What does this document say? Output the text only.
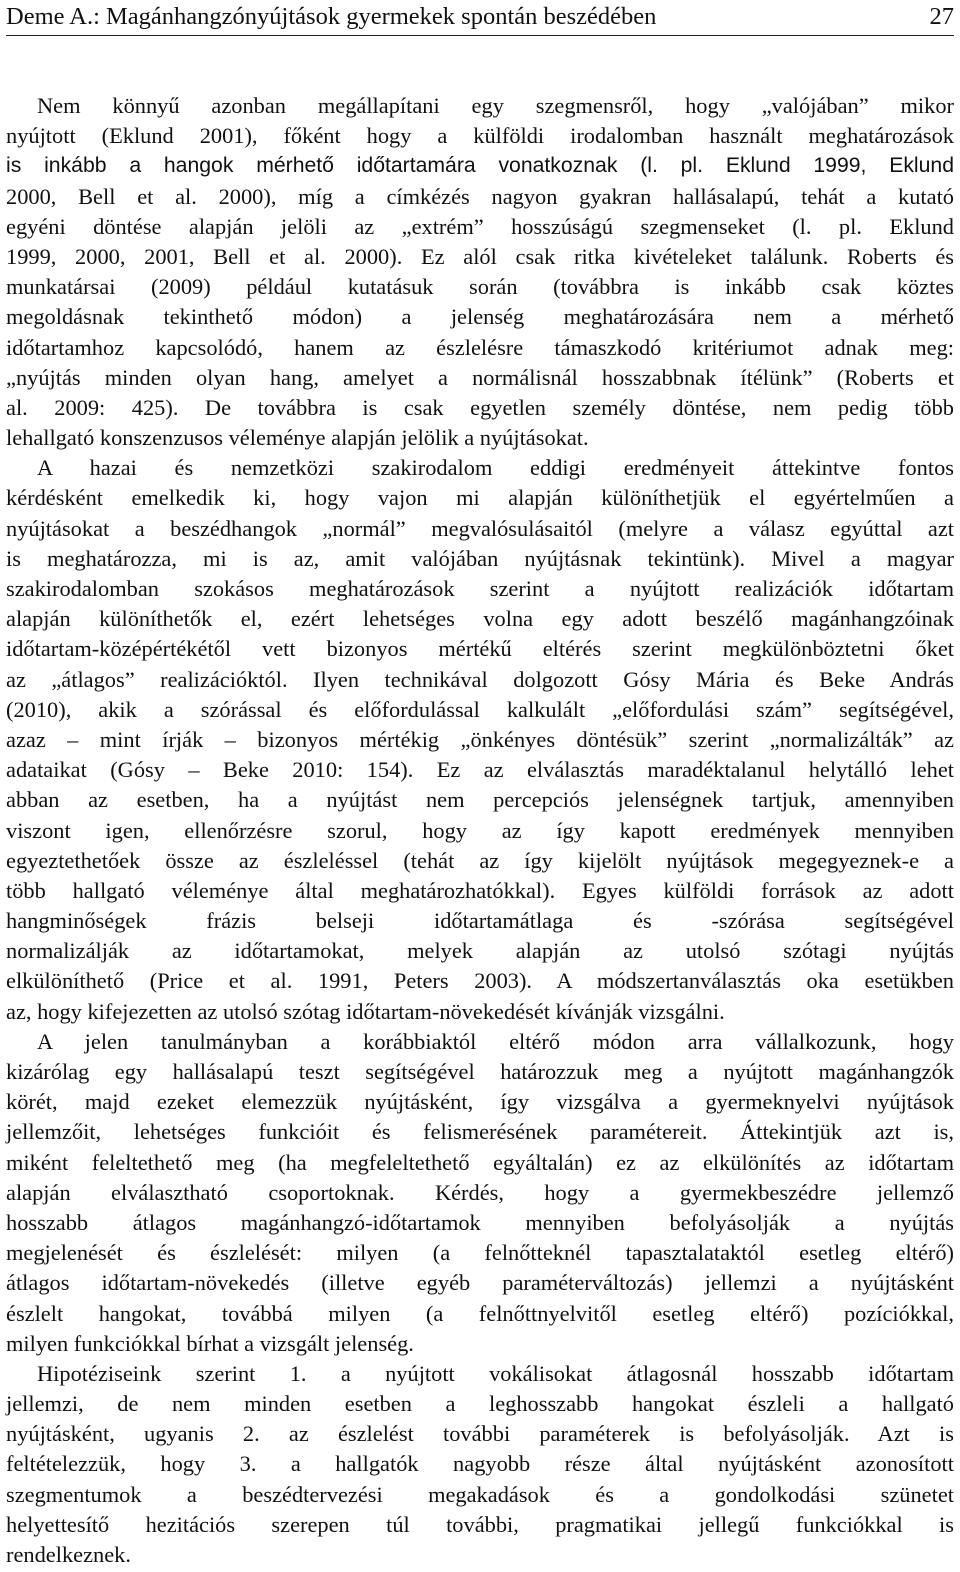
Deme A.: Magánhangzónyújtások gyermekek spontán beszédében	27
Nem könnyű azonban megállapítani egy szegmensről, hogy „valójában” mikor
nyújtott (Eklund 2001), főként hogy a külföldi irodalomban használt meghatározások
is inkább a hangok mérhető időtartamára vonatkoznak (l. pl. Eklund 1999, Eklund
2000, Bell et al. 2000), míg a címkézés nagyon gyakran hallásalapú, tehát a kutató
egyéni döntése alapján jelöli az „extrém” hosszúságú szegmenseket (l. pl. Eklund
1999, 2000, 2001, Bell et al. 2000). Ez alól csak ritka kivételeket találunk. Roberts és
munkatársai (2009) például kutatásuk során (továbbra is inkább csak köztes
megoldásnak tekinthető módon) a jelenség meghatározására nem a mérhető
időtartamhoz kapcsolódó, hanem az észlelésre támaszkodó kritériumot adnak meg:
„nyújtás minden olyan hang, amelyet a normálisnál hosszabbnak ítélünk” (Roberts et
al. 2009: 425). De továbbra is csak egyetlen személy döntése, nem pedig több
lehallgató konszenzusos véleménye alapján jelölik a nyújtásokat.
A hazai és nemzetközi szakirodalom eddigi eredményeit áttekintve fontos
kérdésként emelkedik ki, hogy vajon mi alapján különíthetjük el egyértelműen a
nyújtásokat a beszédhangok „normál” megvalósulásaitól (melyre a válasz egyúttal azt
is meghatározza, mi is az, amit valójában nyújtásnak tekintünk). Mivel a magyar
szakirodalomban szokásos meghatározások szerint a nyújtott realizációk időtartam
alapján különíthetők el, ezért lehetséges volna egy adott beszélő magánhangzóinak
időtartam-középértékétől vett bizonyos mértékű eltérés szerint megkülönböztetni őket
az „átlagos” realizációktól. Ilyen technikával dolgozott Gósy Mária és Beke András
(2010), akik a szórással és előfordulással kalkulált „előfordulási szám” segítségével,
azaz – mint írják – bizonyos mértékig „önkényes döntésük” szerint „normalizálták” az
adataikat (Gósy – Beke 2010: 154). Ez az elválasztás maradéktalanul helytálló lehet
abban az esetben, ha a nyújtást nem percepciós jelenségnek tartjuk, amennyiben
viszont igen, ellenőrzésre szorul, hogy az így kapott eredmények mennyiben
egyeztethetőek össze az észleléssel (tehát az így kijelölt nyújtások megegyeznek-e a
több hallgató véleménye által meghatározhatókkal). Egyes külföldi források az adott
hangminőségek frázis belseji időtartamátlaga és -szórása segítségével
normalizálják az időtartamokat, melyek alapján az utolsó szótagi nyújtás
elkülöníthető (Price et al. 1991, Peters 2003). A módszertanválasztás oka esetükben
az, hogy kifejezetten az utolsó szótag időtartam-növekedését kívánják vizsgálni.
A jelen tanulmányban a korábbiaktól eltérő módon arra vállalkozunk, hogy
kizárólag egy hallásalapú teszt segítségével határozzuk meg a nyújtott magánhangzók
körét, majd ezeket elemezzük nyújtásként, így vizsgálva a gyermeknyelvi nyújtások
jellemzőit, lehetséges funkcióit és felismerésének paramétereit. Áttekintjük azt is,
miként feleltethető meg (ha megfeleltethető egyáltalán) ez az elkülönítés az időtartam
alapján elválasztható csoportoknak. Kérdés, hogy a gyermekbeszédre jellemző
hosszabb átlagos magánhangzó-időtartamok mennyiben befolyásolják a nyújtás
megjelenését és észlelését: milyen (a felnőtteknél tapasztalataktól esetleg eltérő)
átlagos időtartam-növekedés (illetve egyéb paraméterváltozás) jellemzi a nyújtásként
észlelt hangokat, továbbá milyen (a felnőttnyelvitől esetleg eltérő) pozíciókkal,
milyen funkciókkal bírhat a vizsgált jelenség.
Hipotéziseink szerint 1. a nyújtott vokálisokat átlagosnál hosszabb időtartam
jellemzi, de nem minden esetben a leghosszabb hangokat észleli a hallgató
nyújtásként, ugyanis 2. az észlelést további paraméterek is befolyásolják. Azt is
feltételezzük, hogy 3. a hallgatók nagyobb része által nyújtásként azonosított
szegmentumok a beszédtervezési megakadások és a gondolkodási szünetet
helyettesítő hezitációs szerepen túl további, pragmatikai jellegű funkciókkal is
rendelkeznek.
